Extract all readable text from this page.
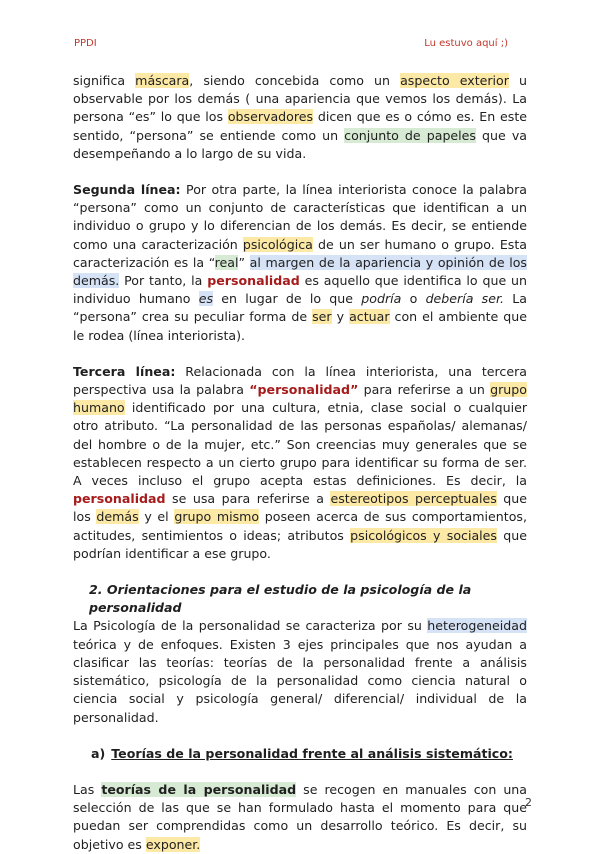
PPDI	Lu estuvo aquí ;)

significa máscara, siendo concebida como un aspecto exterior u observable por los demás ( una apariencia que vemos los demás). La persona “es” lo que los observadores dicen que es o cómo es. En este sentido, “persona” se entiende como un conjunto de papeles que va desempeñando a lo largo de su vida.

Segunda línea: Por otra parte, la línea interiorista conoce la palabra “persona” como un conjunto de características que identifican a un individuo o grupo y lo diferencian de los demás. Es decir, se entiende como una caracterización psicológica de un ser humano o grupo. Esta caracterización es la “real” al margen de la apariencia y opinión de los demás. Por tanto, la personalidad es aquello que identifica lo que un individuo humano es en lugar de lo que podría o debería ser. La “persona” crea su peculiar forma de ser y actuar con el ambiente que le rodea (línea interiorista).

Tercera línea: Relacionada con la línea interiorista, una tercera perspectiva usa la palabra “personalidad” para referirse a un grupo humano identificado por una cultura, etnia, clase social o cualquier otro atributo. “La personalidad de las personas españolas/ alemanas/ del hombre o de la mujer, etc.” Son creencias muy generales que se establecen respecto a un cierto grupo para identificar su forma de ser. A veces incluso el grupo acepta estas definiciones. Es decir, la personalidad se usa para referirse a estereotipos perceptuales que los demás y el grupo mismo poseen acerca de sus comportamientos, actitudes, sentimientos o ideas; atributos psicológicos y sociales que podrían identificar a ese grupo.

2. Orientaciones para el estudio de la psicología de la personalidad

La Psicología de la personalidad se caracteriza por su heterogeneidad teórica y de enfoques. Existen 3 ejes principales que nos ayudan a clasificar las teorías: teorías de la personalidad frente a análisis sistemático, psicología de la personalidad como ciencia natural o ciencia social y psicología general/ diferencial/ individual de la personalidad.

a) Teorías de la personalidad frente al análisis sistemático:

Las teorías de la personalidad se recogen en manuales con una selección de las que se han formulado hasta el momento para que puedan ser comprendidas como un desarrollo teórico. Es decir, su objetivo es exponer.

2
